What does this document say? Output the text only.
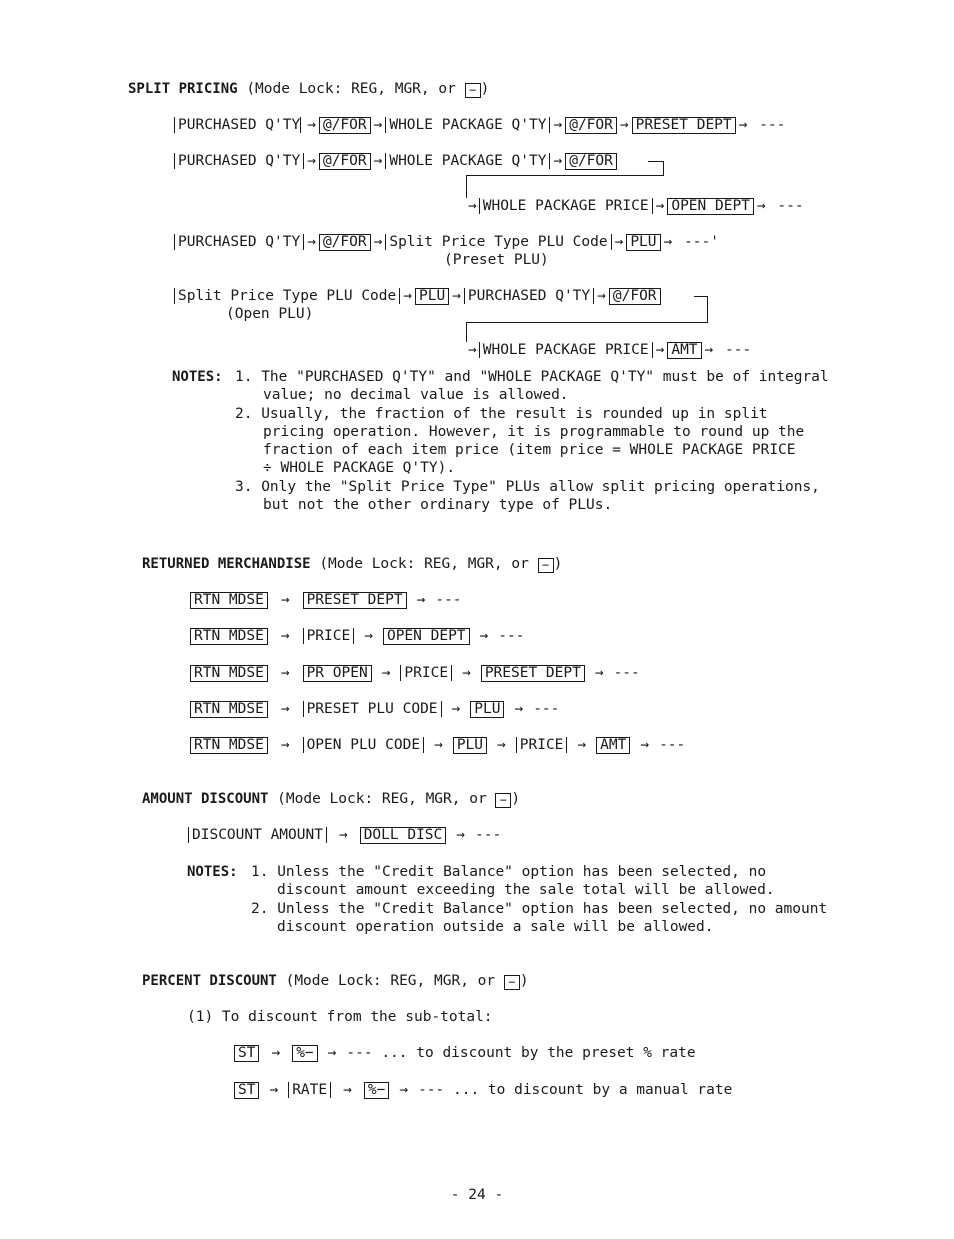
SPLIT PRICING (Mode Lock: REG, MGR, or − )
PURCHASED Q'TY → @/FOR → WHOLE PACKAGE Q'TY → @/FOR → PRESET DEPT → ---
PURCHASED Q'TY → @/FOR → WHOLE PACKAGE Q'TY → @/FOR
→ WHOLE PACKAGE PRICE → OPEN DEPT → ---
PURCHASED Q'TY → @/FOR → Split Price Type PLU Code → PLU → ---'
(Preset PLU)
Split Price Type PLU Code → PLU → PURCHASED Q'TY → @/FOR
(Open PLU)
→ WHOLE PACKAGE PRICE → AMT → ---
NOTES: 1. The "PURCHASED Q'TY" and "WHOLE PACKAGE Q'TY" must be of integral
value; no decimal value is allowed.
2. Usually, the fraction of the result is rounded up in split
pricing operation. However, it is programmable to round up the
fraction of each item price (item price = WHOLE PACKAGE PRICE
÷ WHOLE PACKAGE Q'TY).
3. Only the "Split Price Type" PLUs allow split pricing operations,
but not the other ordinary type of PLUs.
RETURNED MERCHANDISE (Mode Lock: REG, MGR, or − )
RTN MDSE → PRESET DEPT → ---
RTN MDSE → PRICE → OPEN DEPT → ---
RTN MDSE → PR OPEN → PRICE → PRESET DEPT → ---
RTN MDSE → PRESET PLU CODE → PLU → ---
RTN MDSE → OPEN PLU CODE → PLU → PRICE → AMT → ---
AMOUNT DISCOUNT (Mode Lock: REG, MGR, or − )
DISCOUNT AMOUNT → DOLL DISC → ---
NOTES: 1. Unless the "Credit Balance" option has been selected, no
discount amount exceeding the sale total will be allowed.
2. Unless the "Credit Balance" option has been selected, no amount
discount operation outside a sale will be allowed.
PERCENT DISCOUNT (Mode Lock: REG, MGR, or − )
(1) To discount from the sub-total:
ST → %− → --- ... to discount by the preset % rate
ST → RATE → %− → --- ... to discount by a manual rate
- 24 -
